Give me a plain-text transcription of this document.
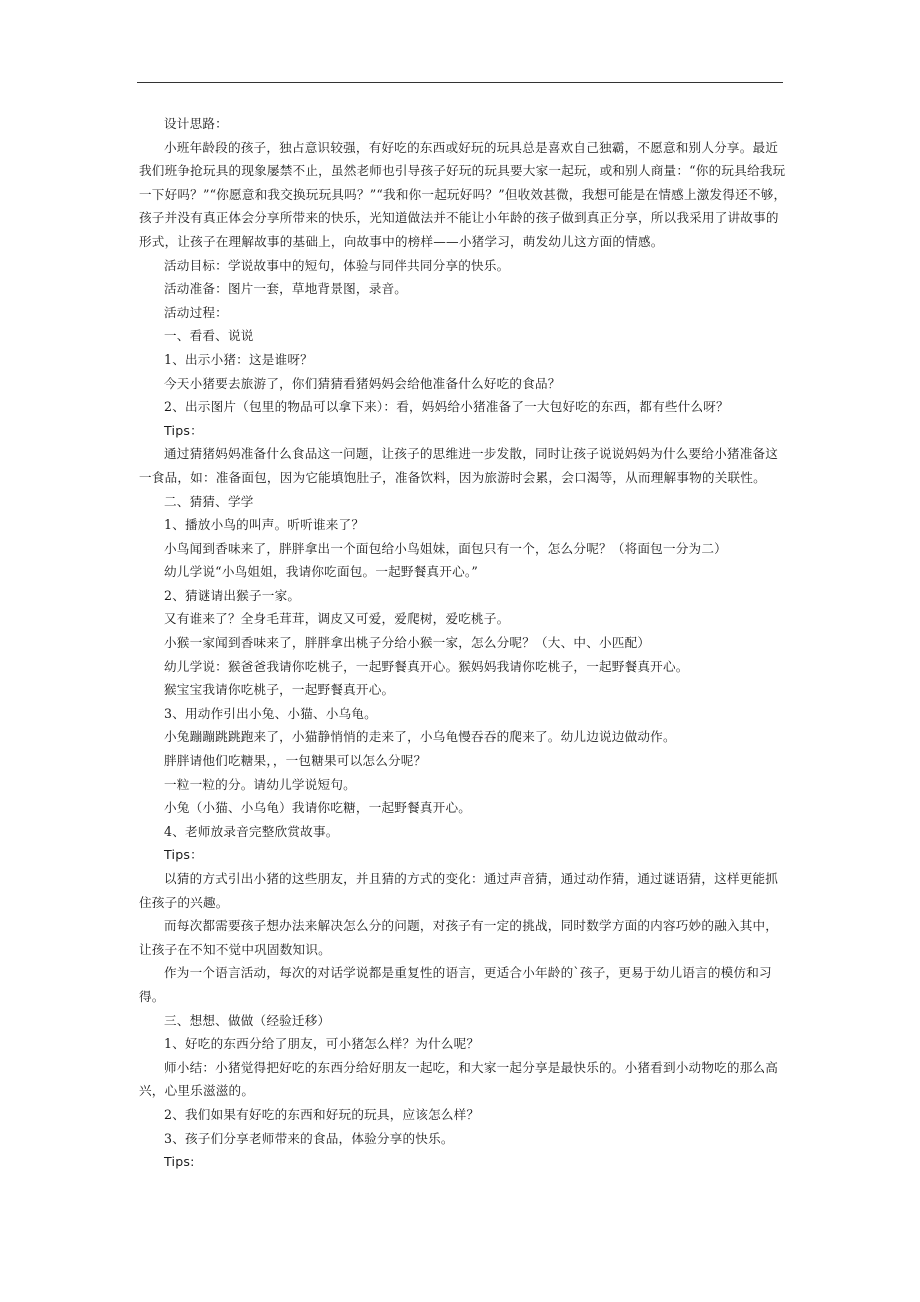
设计思路：

小班年龄段的孩子，独占意识较强，有好吃的东西或好玩的玩具总是喜欢自己独霸，不愿意和别人分享。最近我们班争抢玩具的现象屡禁不止，虽然老师也引导孩子好玩的玩具要大家一起玩，或和别人商量：“你的玩具给我玩一下好吗？”“你愿意和我交换玩玩具吗？”“我和你一起玩好吗？”但收效甚微，我想可能是在情感上激发得还不够，孩子并没有真正体会分享所带来的快乐，光知道做法并不能让小年龄的孩子做到真正分享，所以我采用了讲故事的形式，让孩子在理解故事的基础上，向故事中的榜样——小猪学习，萌发幼儿这方面的情感。

活动目标：学说故事中的短句，体验与同伴共同分享的快乐。

活动准备：图片一套，草地背景图，录音。

活动过程：

一、看看、说说

1、出示小猪：这是谁呀？

今天小猪要去旅游了，你们猜猜看猪妈妈会给他准备什么好吃的食品？

2、出示图片（包里的物品可以拿下来）：看，妈妈给小猪准备了一大包好吃的东西，都有些什么呀？

Tips：

通过猜猪妈妈准备什么食品这一问题，让孩子的思维进一步发散，同时让孩子说说妈妈为什么要给小猪准备这一食品，如：准备面包，因为它能填饱肚子，准备饮料，因为旅游时会累，会口渴等，从而理解事物的关联性。

二、猜猜、学学

1、播放小鸟的叫声。听听谁来了？

小鸟闻到香味来了，胖胖拿出一个面包给小鸟姐妹，面包只有一个，怎么分呢？（将面包一分为二）

幼儿学说“小鸟姐姐，我请你吃面包。一起野餐真开心。”

2、猜谜请出猴子一家。

又有谁来了？全身毛茸茸，调皮又可爱，爱爬树，爱吃桃子。

小猴一家闻到香味来了，胖胖拿出桃子分给小猴一家，怎么分呢？（大、中、小匹配）

幼儿学说：猴爸爸我请你吃桃子，一起野餐真开心。猴妈妈我请你吃桃子，一起野餐真开心。

猴宝宝我请你吃桃子，一起野餐真开心。

3、用动作引出小兔、小猫、小乌龟。

小兔蹦蹦跳跳跑来了，小猫静悄悄的走来了，小乌龟慢吞吞的爬来了。幼儿边说边做动作。

胖胖请他们吃糖果，，一包糖果可以怎么分呢？

一粒一粒的分。请幼儿学说短句。

小兔（小猫、小乌龟）我请你吃糖，一起野餐真开心。

4、老师放录音完整欣赏故事。

Tips：

以猜的方式引出小猪的这些朋友，并且猜的方式的变化：通过声音猜，通过动作猜，通过谜语猜，这样更能抓住孩子的兴趣。

而每次都需要孩子想办法来解决怎么分的问题，对孩子有一定的挑战，同时数学方面的内容巧妙的融入其中，让孩子在不知不觉中巩固数知识。

作为一个语言活动，每次的对话学说都是重复性的语言，更适合小年龄的`孩子，更易于幼儿语言的模仿和习得。

三、想想、做做（经验迁移）

1、好吃的东西分给了朋友，可小猪怎么样？为什么呢？

师小结：小猪觉得把好吃的东西分给好朋友一起吃，和大家一起分享是最快乐的。小猪看到小动物吃的那么高兴，心里乐滋滋的。

2、我们如果有好吃的东西和好玩的玩具，应该怎么样？

3、孩子们分享老师带来的食品，体验分享的快乐。

Tips:
